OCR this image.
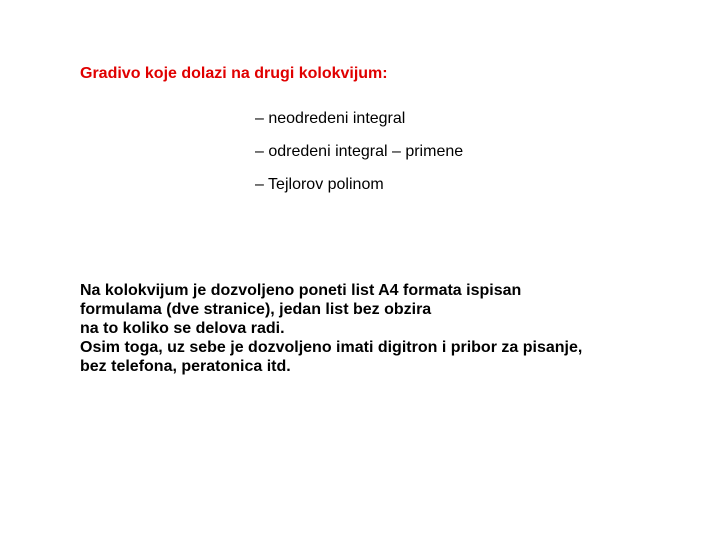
Gradivo koje dolazi na drugi kolokvijum:
– neodredeni integral
– odredeni integral – primene
– Tejlorov polinom
Na kolokvijum je dozvoljeno poneti list A4 formata ispisan
formulama (dve stranice), jedan list bez obzira
na to koliko se delova radi.
Osim toga, uz sebe je dozvoljeno imati digitron i pribor za pisanje,
bez telefona, peratonica itd.
